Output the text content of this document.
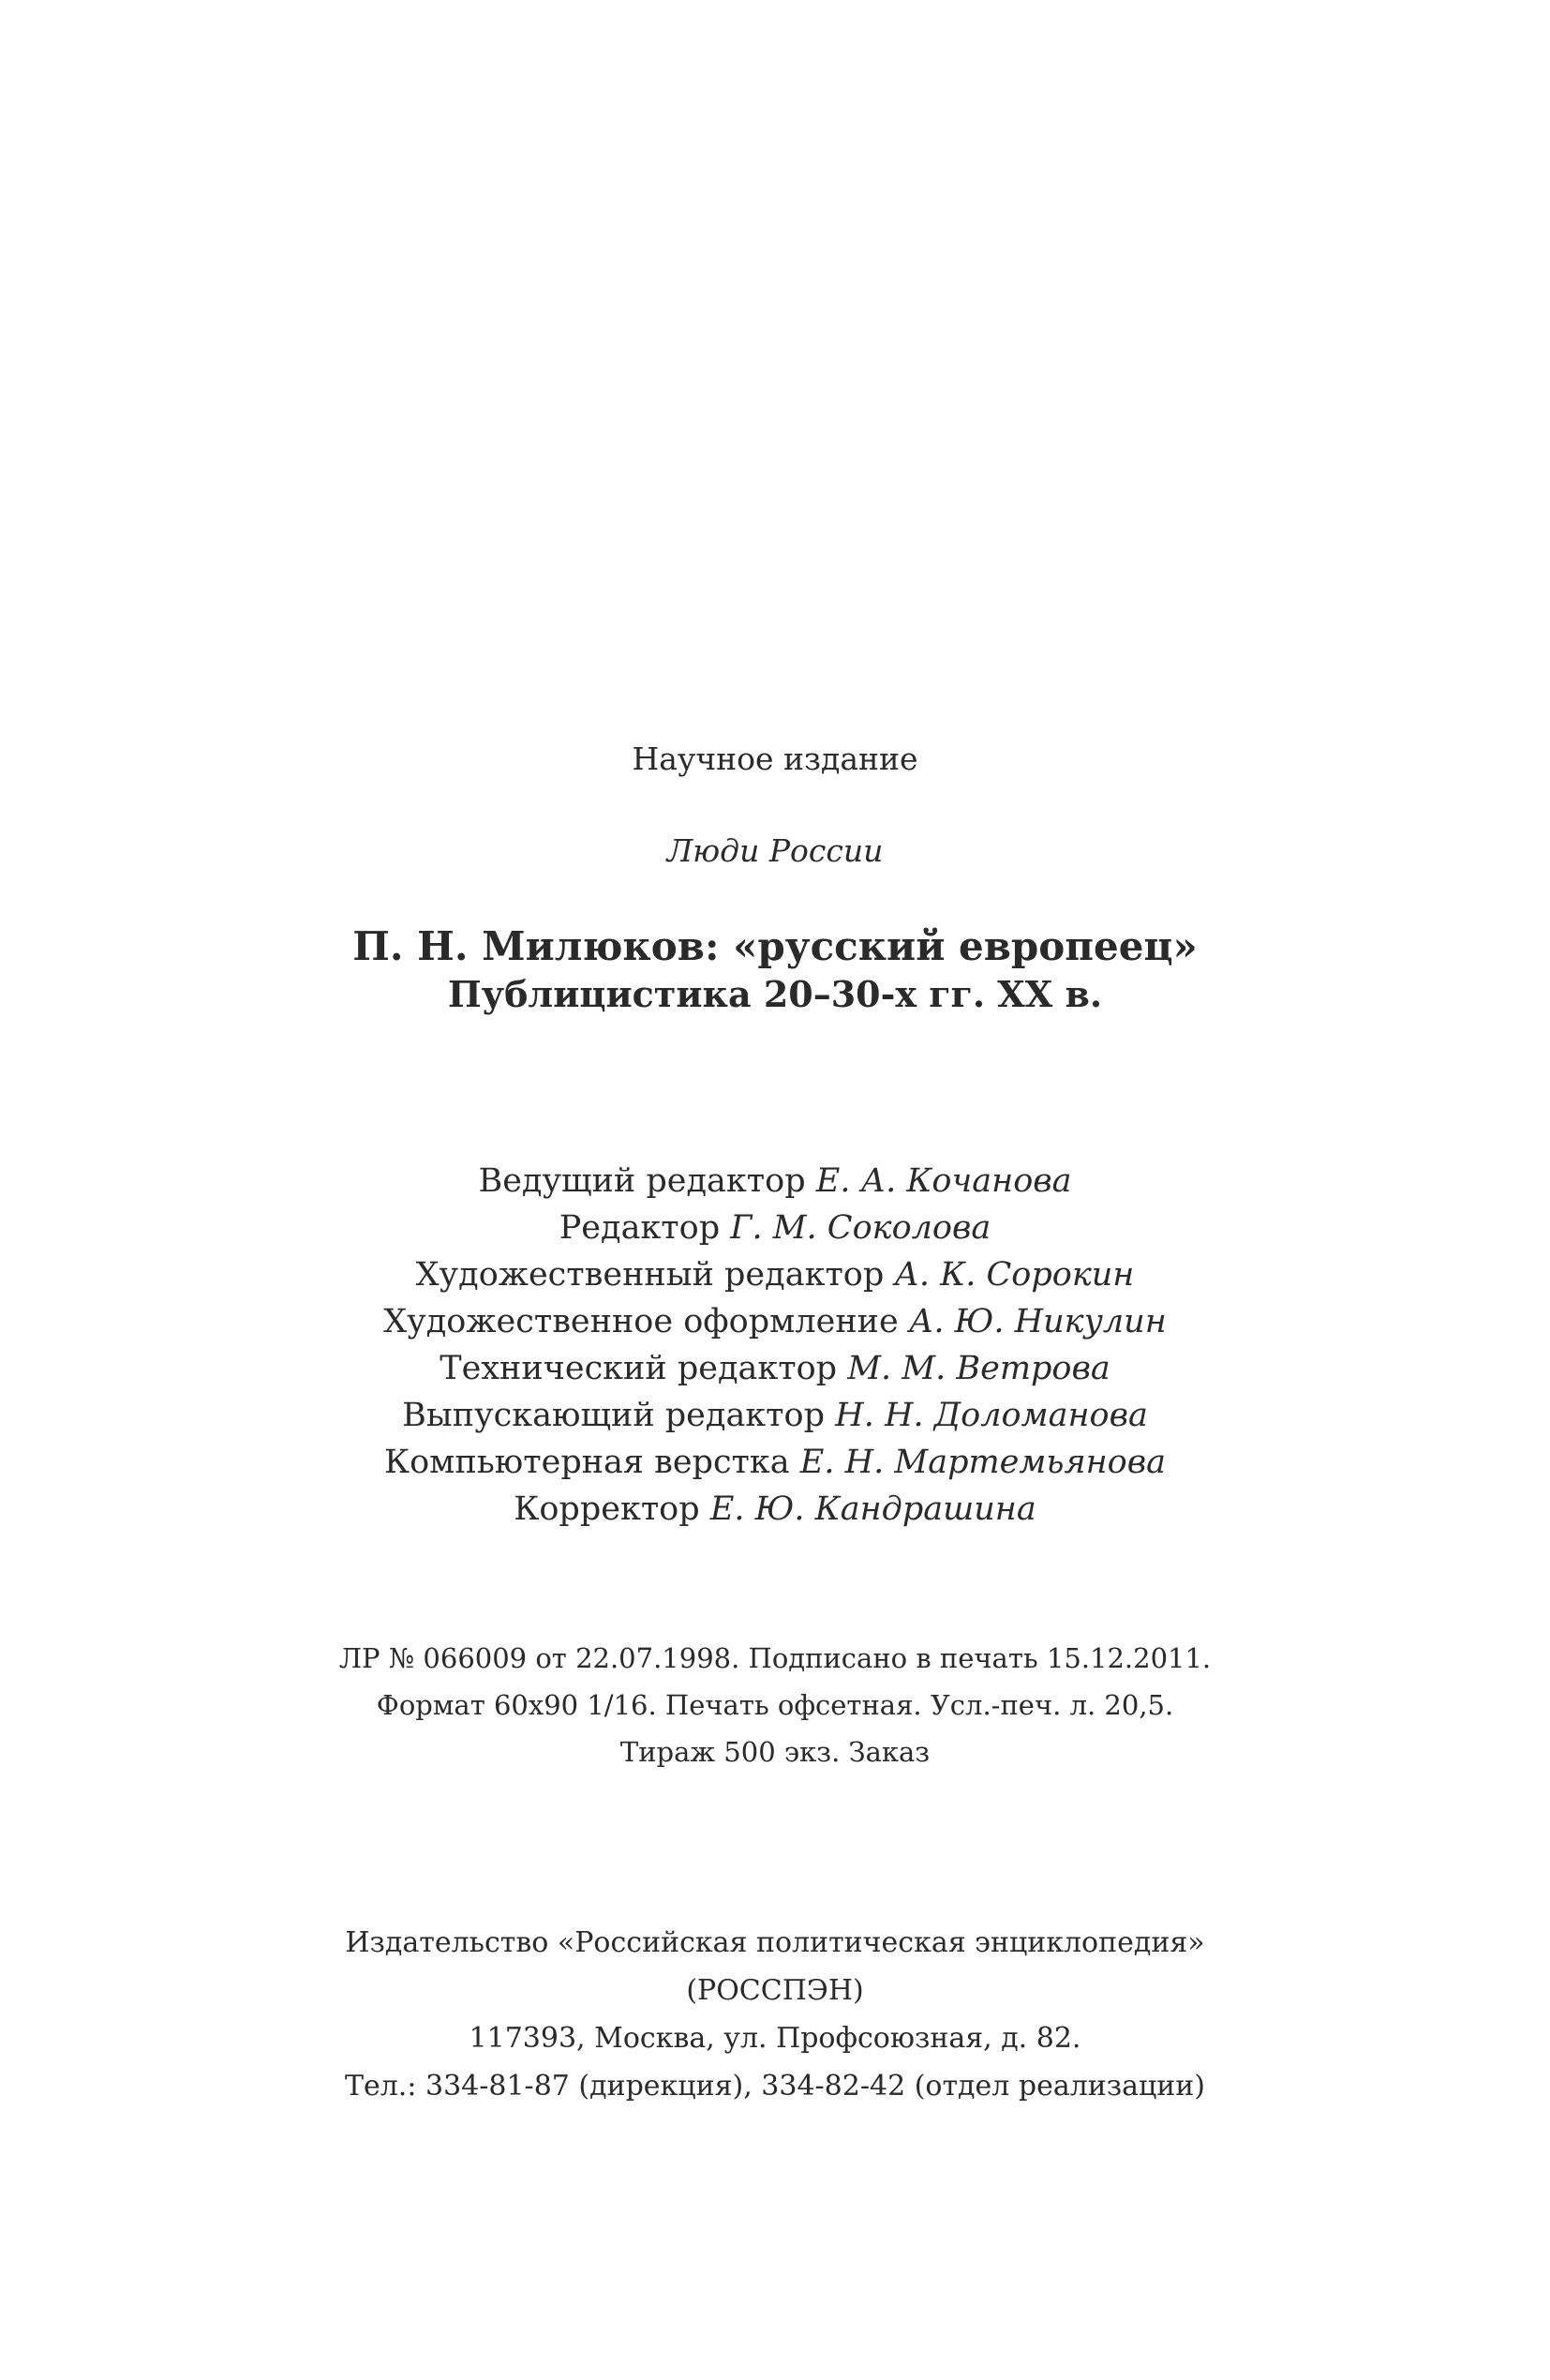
Научное издание
Люди России
П. Н. Милюков: «русский европеец»
Публицистика 20–30-х гг. XX в.
Ведущий редактор Е. А. Кочанова
Редактор Г. М. Соколова
Художественный редактор А. К. Сорокин
Художественное оформление А. Ю. Никулин
Технический редактор М. М. Ветрова
Выпускающий редактор Н. Н. Доломанова
Компьютерная верстка Е. Н. Мартемьянова
Корректор Е. Ю. Кандрашина
ЛР № 066009 от 22.07.1998. Подписано в печать 15.12.2011.
Формат 60x90 1/16. Печать офсетная. Усл.-печ. л. 20,5.
Тираж 500 экз. Заказ
Издательство «Российская политическая энциклопедия»
(РОССПЭН)
117393, Москва, ул. Профсоюзная, д. 82.
Тел.: 334-81-87 (дирекция), 334-82-42 (отдел реализации)
